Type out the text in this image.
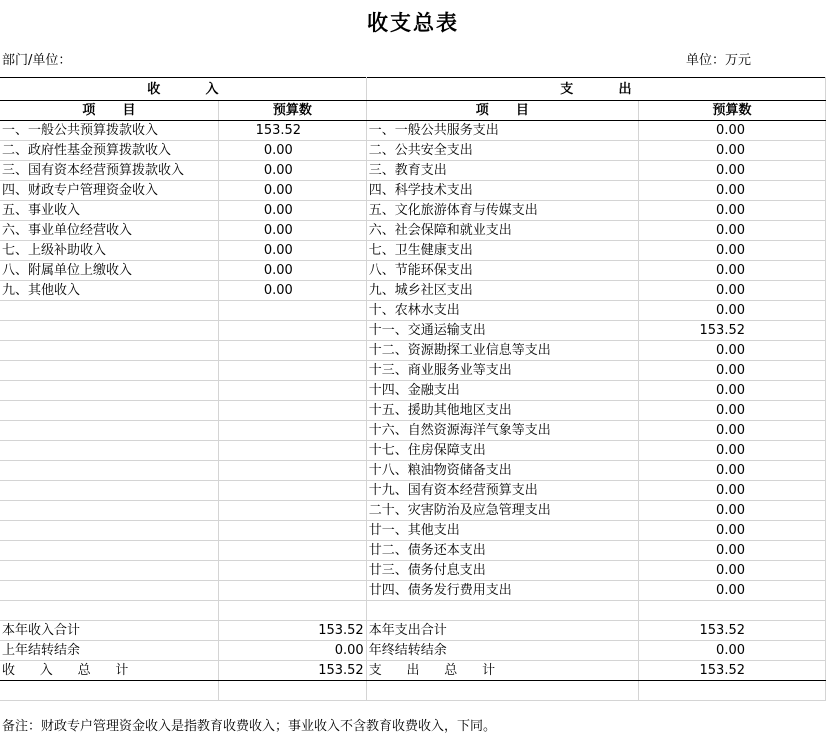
收支总表
部门/单位：	单位：万元
收          入		支          出	
项      目	预算数	项      目	预算数
一、一般公共预算拨款收入	153.52	一、一般公共服务支出	0.00
二、政府性基金预算拨款收入	0.00	二、公共安全支出	0.00
三、国有资本经营预算拨款收入	0.00	三、教育支出	0.00
四、财政专户管理资金收入	0.00	四、科学技术支出	0.00
五、事业收入	0.00	五、文化旅游体育与传媒支出	0.00
六、事业单位经营收入	0.00	六、社会保障和就业支出	0.00
七、上级补助收入	0.00	七、卫生健康支出	0.00
八、附属单位上缴收入	0.00	八、节能环保支出	0.00
九、其他收入	0.00	九、城乡社区支出	0.00
		十、农林水支出	0.00
		十一、交通运输支出	153.52
		十二、资源勘探工业信息等支出	0.00
		十三、商业服务业等支出	0.00
		十四、金融支出	0.00
		十五、援助其他地区支出	0.00
		十六、自然资源海洋气象等支出	0.00
		十七、住房保障支出	0.00
		十八、粮油物资储备支出	0.00
		十九、国有资本经营预算支出	0.00
		二十、灾害防治及应急管理支出	0.00
		廿一、其他支出	0.00
		廿二、债务还本支出	0.00
		廿三、债务付息支出	0.00
		廿四、债务发行费用支出	0.00

本年收入合计	153.52	本年支出合计	153.52
上年结转结余	0.00	年终结转结余	0.00
收      入      总      计	153.52	支      出      总      计	153.52

备注：财政专户管理资金收入是指教育收费收入；事业收入不含教育收费收入，下同。
